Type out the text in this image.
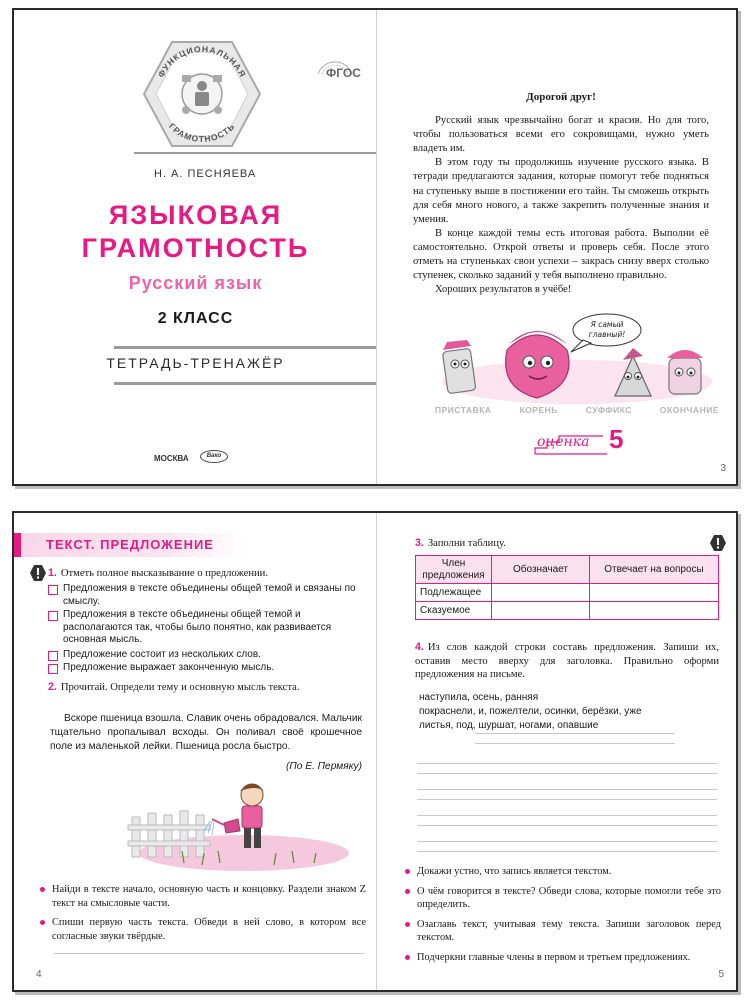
ФУНКЦИОНАЛЬНАЯ
ГРАМОТНОСТЬ
ФГОС
Н. А. ПЕСНЯЕВА
ЯЗЫКОВАЯ
ГРАМОТНОСТЬ
Русский язык
2 КЛАСС
ТЕТРАДЬ-ТРЕНАЖЁР
МОСКВА	Вако
Дорогой друг!

Русский язык чрезвычайно богат и красив. Но для того, чтобы пользоваться всеми его сокровищами, нужно уметь владеть им.

В этом году ты продолжишь изучение русского языка. В тетради предлагаются задания, которые помогут тебе подняться на ступеньку выше в постижении его тайн. Ты сможешь открыть для себя много нового, а также закрепить полученные знания и умения.

В конце каждой темы есть итоговая работа. Выполни её самостоятельно. Открой ответы и проверь себя. После этого отметь на ступеньках свои успехи – закрась снизу вверх столько ступенек, сколько заданий у тебя выполнено правильно.

Хороших результатов в учёбе!

Я самый
главный!
ПРИСТАВКА	КОРЕНЬ	СУФФИКС	ОКОНЧАНИЕ
оценка 5
3
ТЕКСТ. ПРЕДЛОЖЕНИЕ
1. Отметь полное высказывание о предложении.
Предложения в тексте объединены общей темой и связаны по смыслу.
Предложения в тексте объединены общей темой и располагаются так, чтобы было понятно, как развивается основная мысль.
Предложение состоит из нескольких слов.
Предложение выражает законченную мысль.
2. Прочитай. Определи тему и основную мысль текста.

Вскоре пшеница взошла. Славик очень обрадовался. Мальчик тщательно пропалывал всходы. Он поливал своё крошечное поле из маленькой лейки. Пшеница росла быстро.

(По Е. Пермяку)
Найди в тексте начало, основную часть и концовку. Раздели знаком Z текст на смысловые части.
Спиши первую часть текста. Обведи в ней слово, в котором все согласные звуки твёрдые.
4
3. Заполни таблицу.
Член предложения	Обозначает	Отвечает на вопросы
Подлежащее		
Сказуемое		
4. Из слов каждой строки составь предложения. Запиши их, оставив место вверху для заголовка. Правильно оформи предложения на письме.
наступила, осень, ранняя
покраснели, и, пожелтели, осинки, берёзки, уже
листья, под, шуршат, ногами, опавшие
Докажи устно, что запись является текстом.
О чём говорится в тексте? Обведи слова, которые помогли тебе это определить.
Озаглавь текст, учитывая тему текста. Запиши заголовок перед текстом.
Подчеркни главные члены в первом и третьем предложениях.
5
